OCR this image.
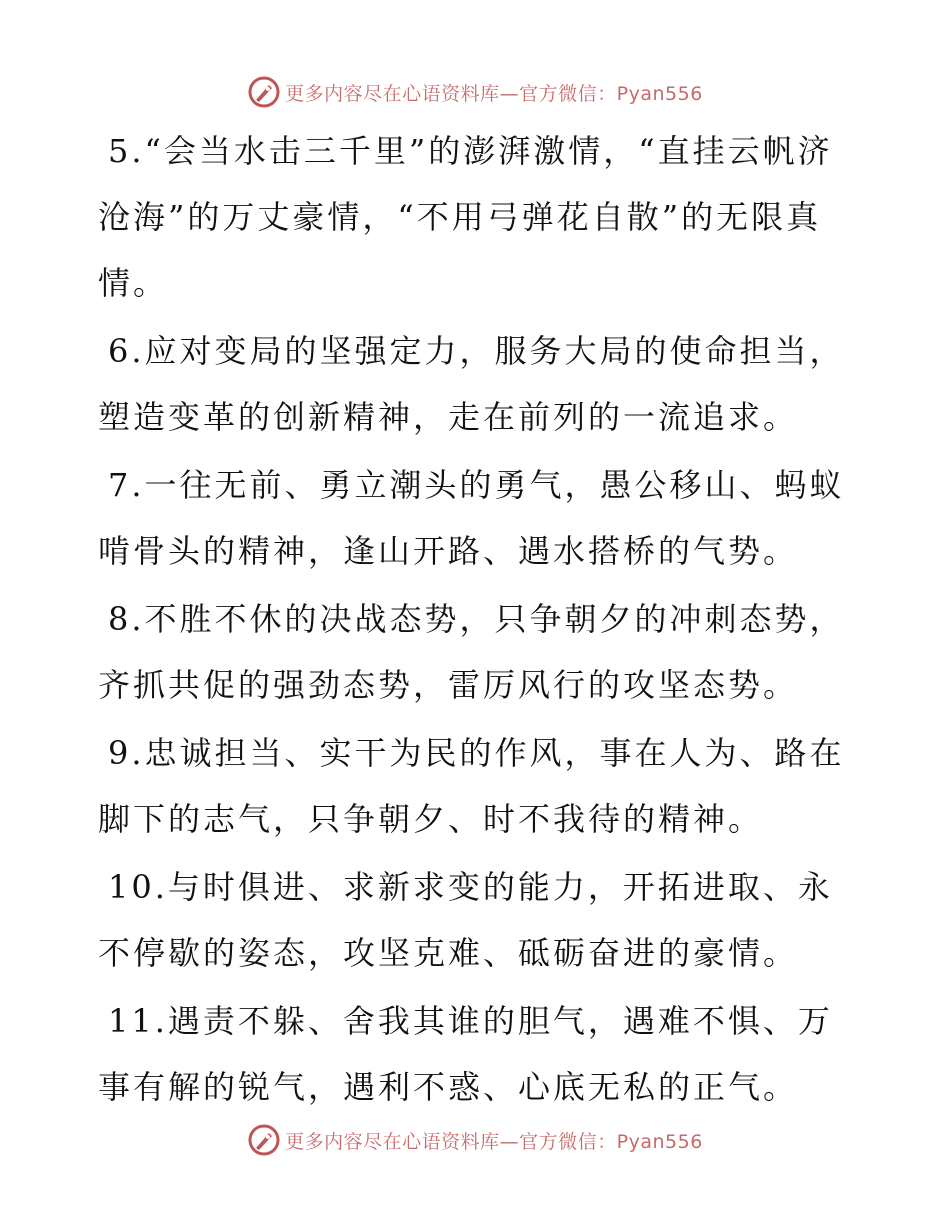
更多内容尽在心语资料库—官方微信：Pyan556

5.“会当水击三千里”的澎湃激情，“直挂云帆济沧海”的万丈豪情，“不用弓弹花自散”的无限真情。

6.应对变局的坚强定力，服务大局的使命担当，塑造变革的创新精神，走在前列的一流追求。

7.一往无前、勇立潮头的勇气，愚公移山、蚂蚁啃骨头的精神，逢山开路、遇水搭桥的气势。

8.不胜不休的决战态势，只争朝夕的冲刺态势，齐抓共促的强劲态势，雷厉风行的攻坚态势。

9.忠诚担当、实干为民的作风，事在人为、路在脚下的志气，只争朝夕、时不我待的精神。

10.与时俱进、求新求变的能力，开拓进取、永不停歇的姿态，攻坚克难、砥砺奋进的豪情。

11.遇责不躲、舍我其谁的胆气，遇难不惧、万事有解的锐气，遇利不惑、心底无私的正气。

更多内容尽在心语资料库—官方微信：Pyan556
